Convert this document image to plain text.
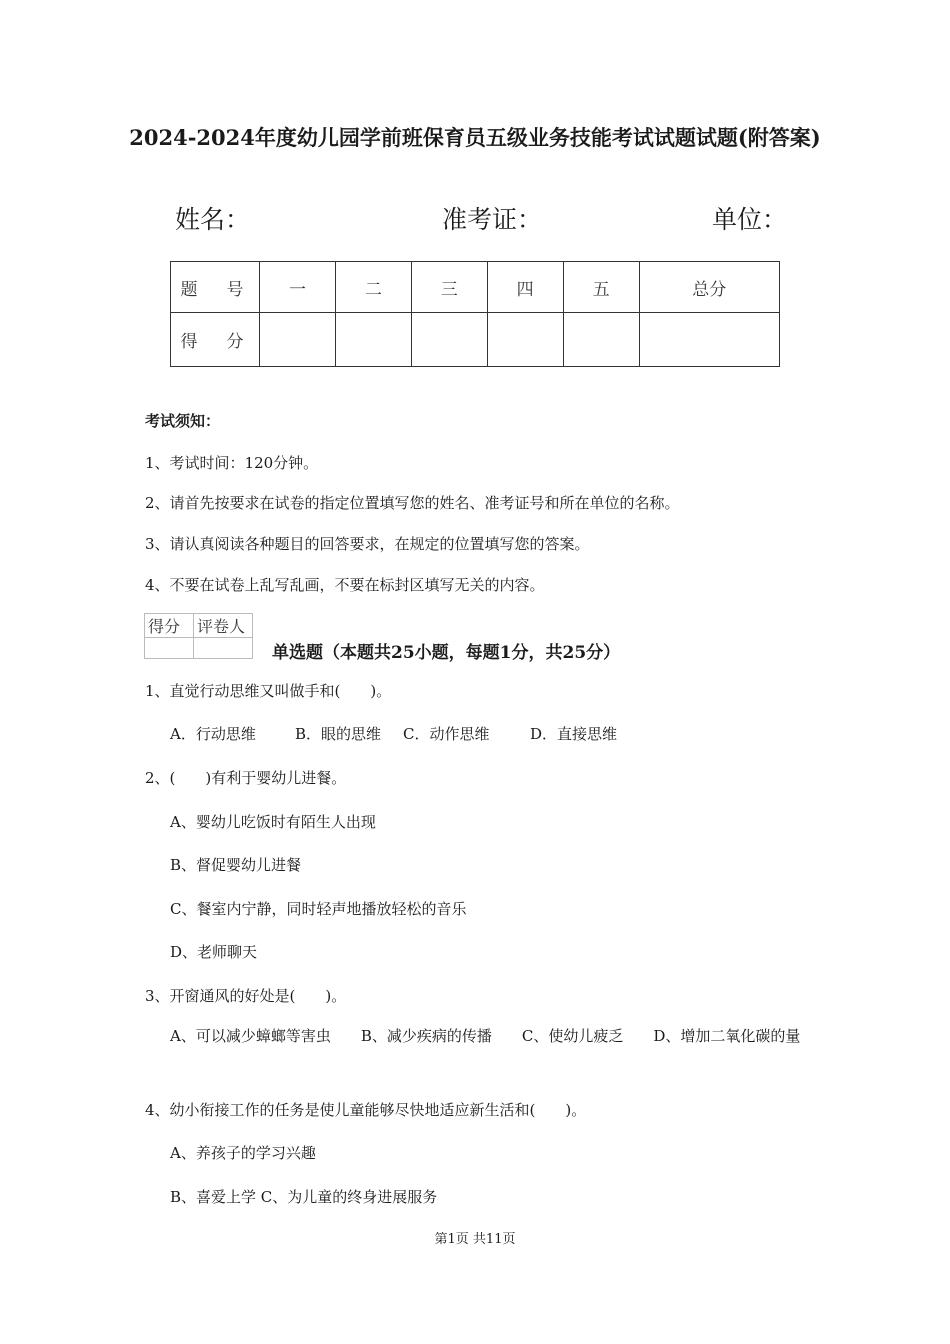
2024-2024年度幼儿园学前班保育员五级业务技能考试试题试题(附答案)
姓名：	准考证：	单位：
题　号	一	二	三	四	五	总分
得　分						
考试须知：
1、考试时间：120分钟。
2、请首先按要求在试卷的指定位置填写您的姓名、准考证号和所在单位的名称。
3、请认真阅读各种题目的回答要求，在规定的位置填写您的答案。
4、不要在试卷上乱写乱画，不要在标封区填写无关的内容。
得分	评卷人

单选题（本题共25小题，每题1分，共25分）
1、直觉行动思维又叫做手和(　　)。
A．行动思维	B．眼的思维 C．动作思维	D．直接思维
2、(　　)有利于婴幼儿进餐。
A、婴幼儿吃饭时有陌生人出现
B、督促婴幼儿进餐
C、餐室内宁静，同时轻声地播放轻松的音乐
D、老师聊天
3、开窗通风的好处是(　　)。
A、可以减少蟑螂等害虫　　B、减少疾病的传播　　C、使幼儿疲乏　　D、增加二氧化碳的量
4、幼小衔接工作的任务是使儿童能够尽快地适应新生活和(　　)。
A、养孩子的学习兴趣
B、喜爱上学 C、为儿童的终身进展服务
第1页 共11页
